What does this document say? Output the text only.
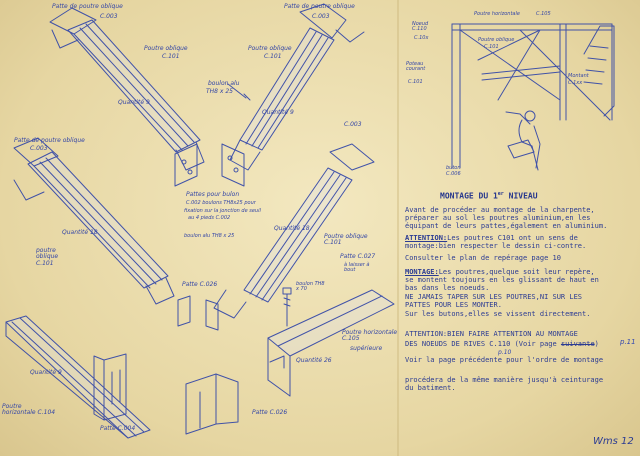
Patte de poutre oblique
C.003
Patte de poutre oblique
C.003
Poutre oblique
C.101
Quantité 9
boulon alu
TH8 x 25
Poutre oblique
C.101
Quantité 9
Pattes pour bulon
C.002 boulons TH8x25 pour
fixation sur la jonction de seuil
au 4 pieds C.002
Patte de poutre oblique
C.003
C.003
boulon alu TH8 x 25
Quantité 18
Quantité 18
poutre oblique C.101
Poutre oblique C.101
Patte C.027
à laisser à bout
Patte C.026	boulon TH8 x 70
Poutre horizontale C.105
supérieure
Quantité 26
Quantité 9
Poutre horizontale C.104
Patte C.004
Patte C.026
Poutre horizontale	C.105
Poutre oblique
C.101
Montant
C.1xx
Poteau courant
C.101
Noeud C.110
C.10x
buton
C.006
MONTAGE DU 1er NIVEAU
Avant de procéder au montage de la charpente,
préparer au sol les poutres aluminium,en les
équipant de leurs pattes,également en aluminium.
ATTENTION:Les poutres C101 ont un sens de
montage:bien respecter le dessin ci-contre.
Consulter le plan de repérage page 10
MONTAGE:Les poutres,quelque soit leur repère,
se montent toujours en les glissant de haut en
bas dans les noeuds.
NE JAMAIS TAPER SUR LES POUTRES,NI SUR LES
PATTES POUR LES MONTER.
Sur les butons,elles se vissent directement.
ATTENTION:BIEN FAIRE ATTENTION AU MONTAGE
DES NOEUDS DE RIVES C.110 (Voir page suivante)	p.11
p.10
Voir la page précédente pour l'ordre de montage
procédera de la même manière jusqu'à ceinturage
du batiment.
Wms 12
